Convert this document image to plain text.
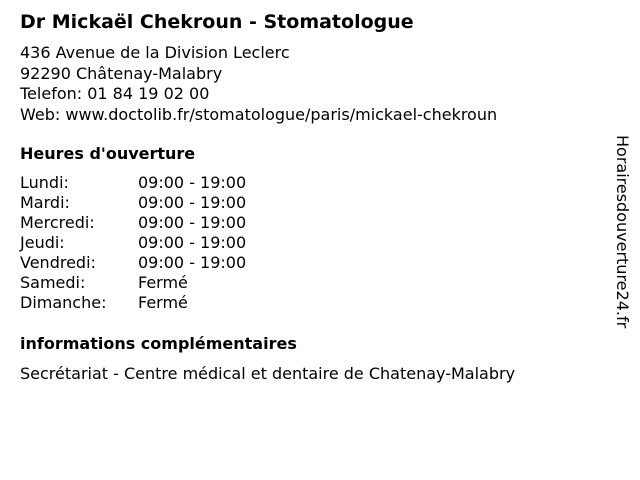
Dr Mickaël Chekroun - Stomatologue
436 Avenue de la Division Leclerc
92290 Châtenay-Malabry
Telefon: 01 84 19 02 00
Web: www.doctolib.fr/stomatologue/paris/mickael-chekroun
Heures d'ouverture
Lundi:	09:00 - 19:00
Mardi:	09:00 - 19:00
Mercredi:	09:00 - 19:00
Jeudi:	09:00 - 19:00
Vendredi:	09:00 - 19:00
Samedi:	Fermé
Dimanche: Fermé
informations complémentaires
Secrétariat - Centre médical et dentaire de Chatenay-Malabry
Horairesdouverture24.fr
